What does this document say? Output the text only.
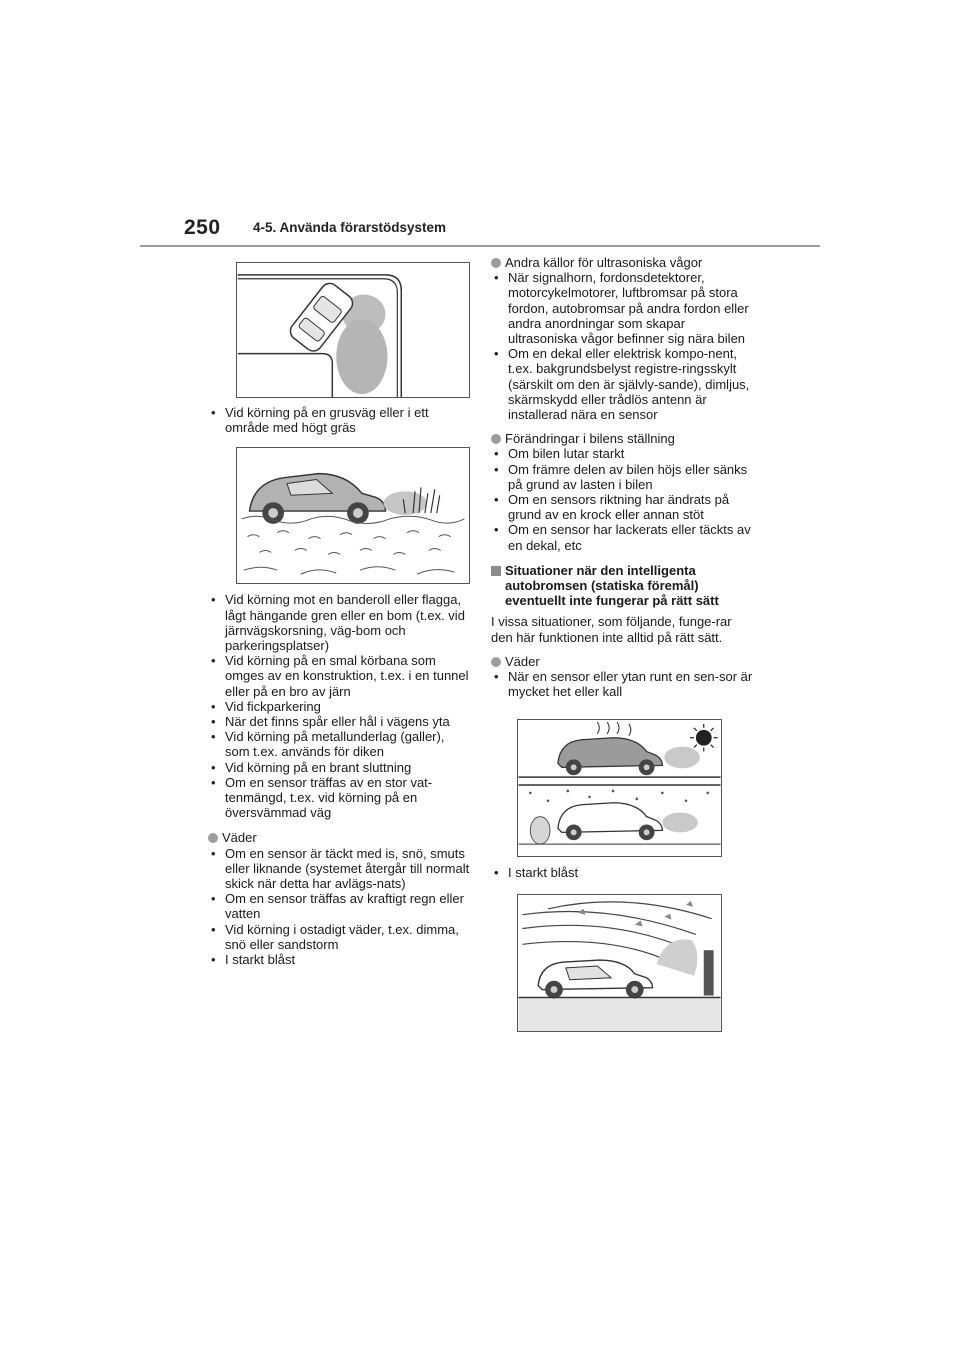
250 4-5. Använda förarstödsystem
• Vid körning på en grusväg eller i ett område med högt gräs
• Vid körning mot en banderoll eller flagga, lågt hängande gren eller en bom (t.ex. vid järnvägskorsning, väg-bom och parkeringsplatser)
• Vid körning på en smal körbana som omges av en konstruktion, t.ex. i en tunnel eller på en bro av järn
• Vid fickparkering
• När det finns spår eller hål i vägens yta
• Vid körning på metallunderlag (galler), som t.ex. används för diken
• Vid körning på en brant sluttning
• Om en sensor träffas av en stor vat-tenmängd, t.ex. vid körning på en översvämmad väg
Väder
• Om en sensor är täckt med is, snö, smuts eller liknande (systemet återgår till normalt skick när detta har avlägs-nats)
• Om en sensor träffas av kraftigt regn eller vatten
• Vid körning i ostadigt väder, t.ex. dimma, snö eller sandstorm
• I starkt blåst
Andra källor för ultrasoniska vågor
• När signalhorn, fordonsdetektorer, motorcykelmotorer, luftbromsar på stora fordon, autobromsar på andra fordon eller andra anordningar som skapar ultrasoniska vågor befinner sig nära bilen
• Om en dekal eller elektrisk kompo-nent, t.ex. bakgrundsbelyst registre-ringsskylt (särskilt om den är självly-sande), dimljus, skärmskydd eller trådlös antenn är installerad nära en sensor
Förändringar i bilens ställning
• Om bilen lutar starkt
• Om främre delen av bilen höjs eller sänks på grund av lasten i bilen
• Om en sensors riktning har ändrats på grund av en krock eller annan stöt
• Om en sensor har lackerats eller täckts av en dekal, etc
Situationer när den intelligenta autobromsen (statiska föremål) eventuellt inte fungerar på rätt sätt
I vissa situationer, som följande, funge-rar den här funktionen inte alltid på rätt sätt.
Väder
• När en sensor eller ytan runt en sen-sor är mycket het eller kall
• I starkt blåst
